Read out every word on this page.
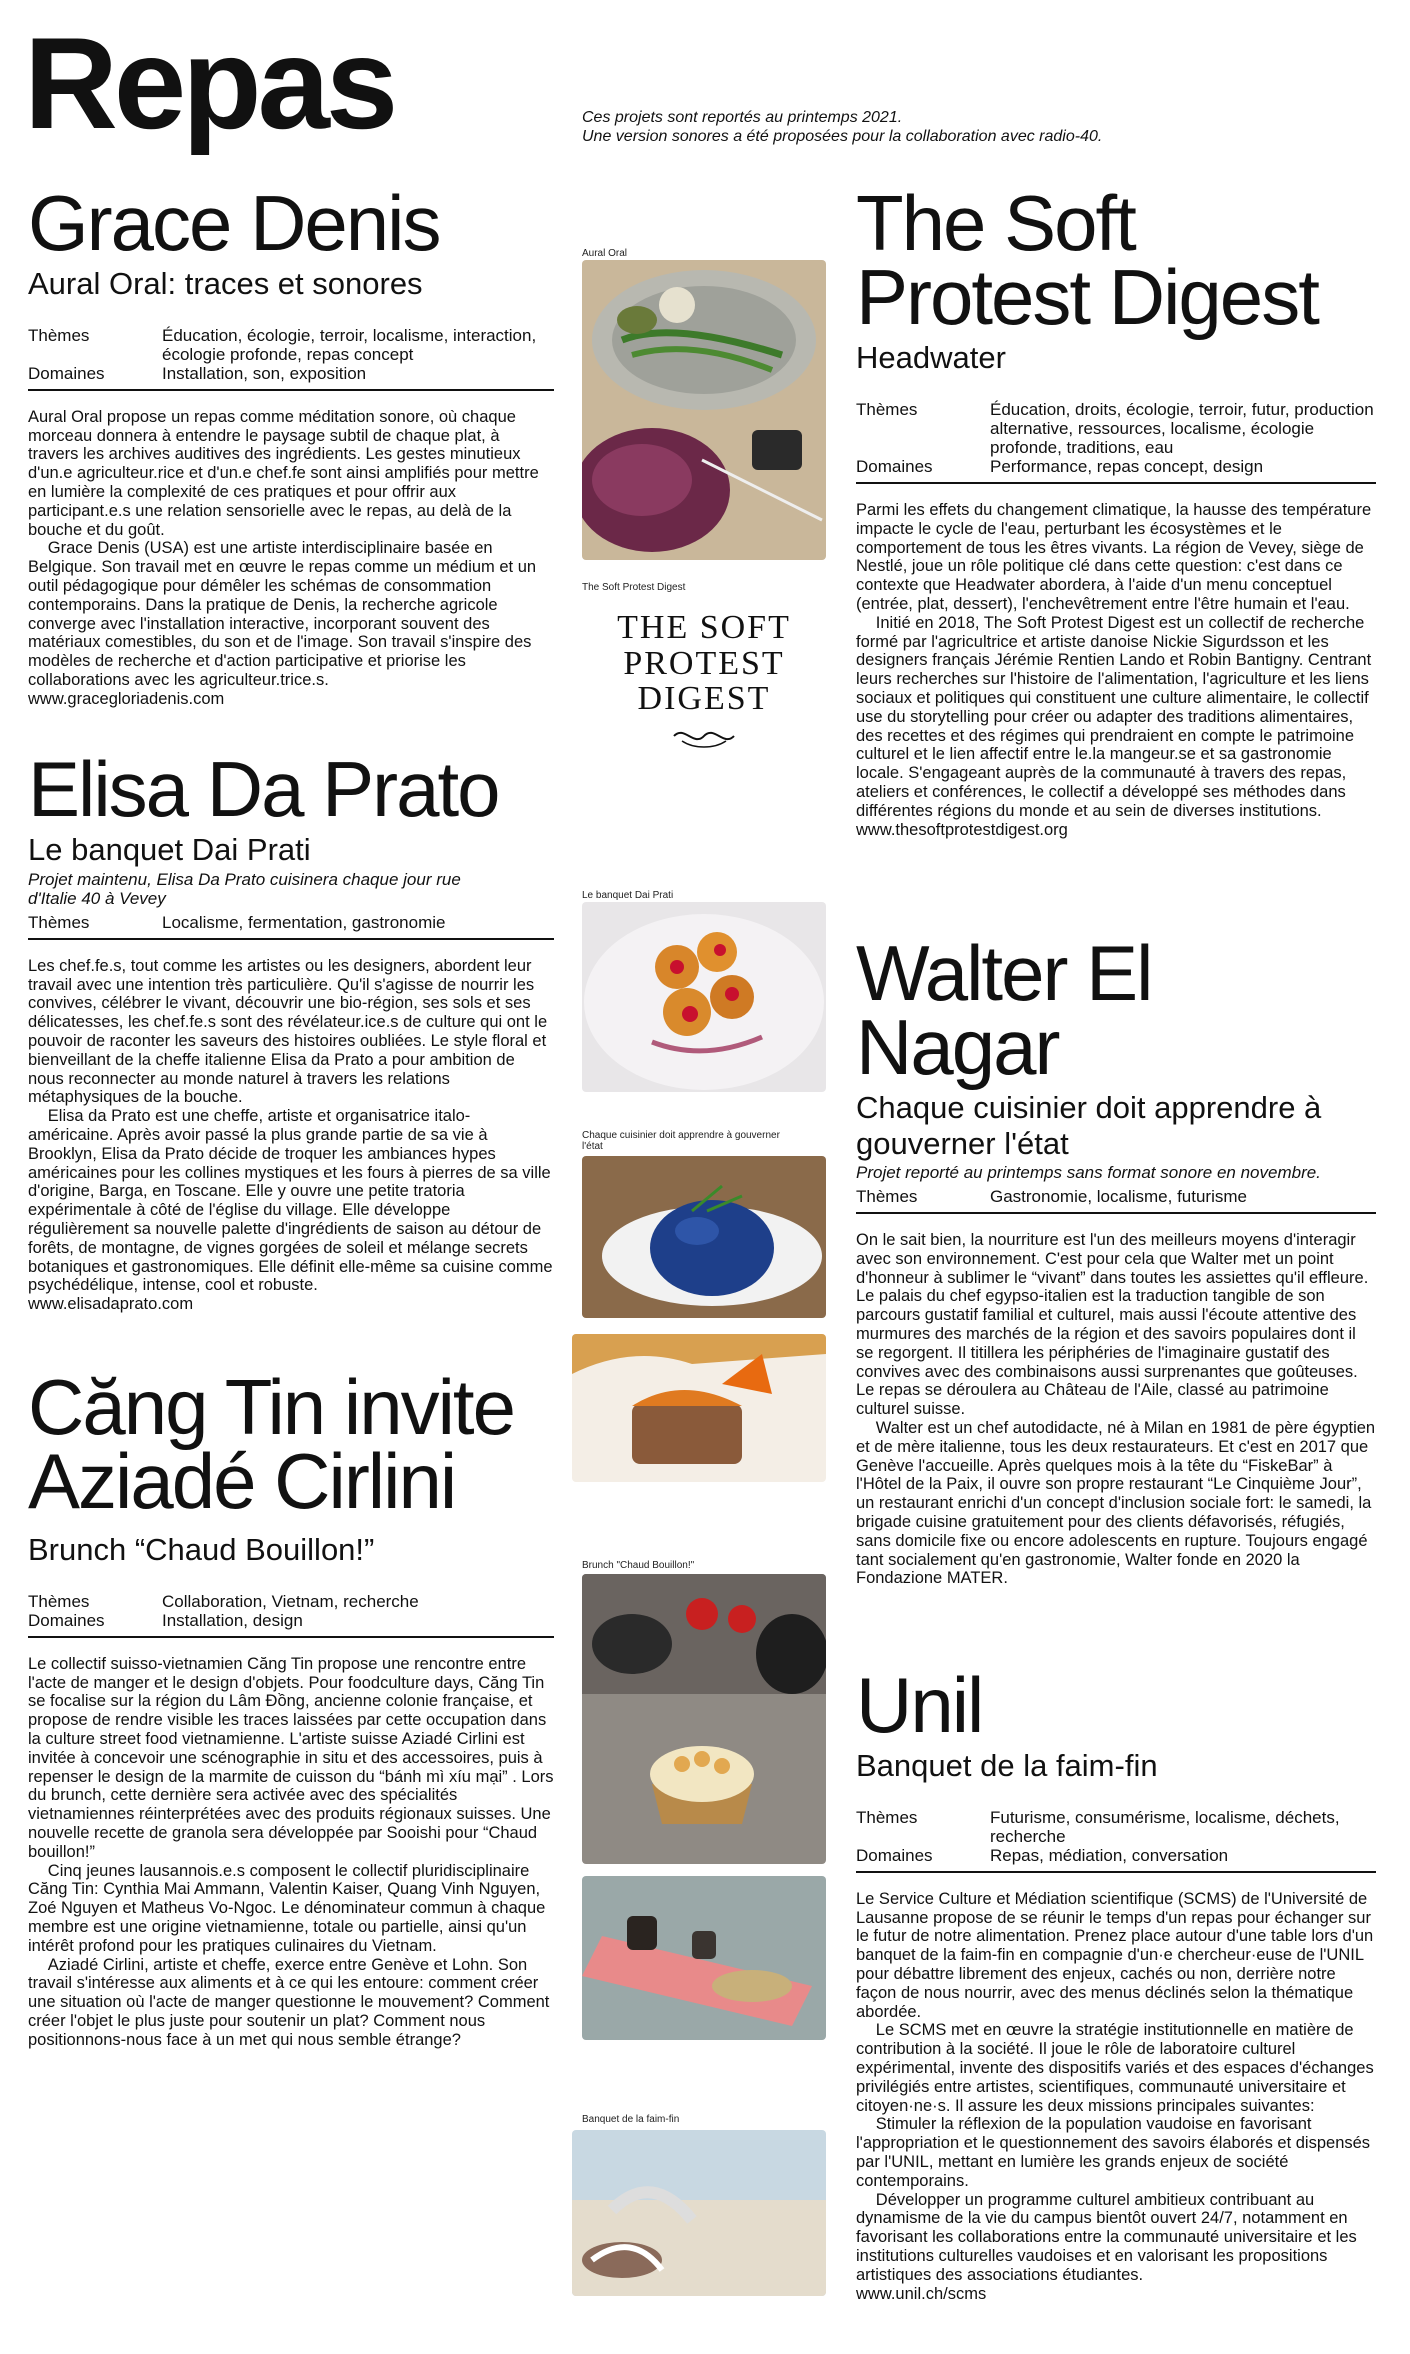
Repas	Ces projets sont reportés au printemps 2021.
Une version sonores a été proposées pour la collaboration avec radio-40.
Grace Denis
Aural Oral: traces et sonores
Thèmes	Éducation, écologie, terroir, localisme, interaction, écologie profonde, repas concept
Domaines	Installation, son, exposition

Aural Oral propose un repas comme méditation sonore, où chaque morceau donnera à entendre le paysage subtil de chaque plat, à travers les archives auditives des ingrédients. Les gestes minutieux d'un.e agriculteur.rice et d'un.e chef.fe sont ainsi amplifiés pour mettre en lumière la complexité de ces pratiques et pour offrir aux participant.e.s une relation sensorielle avec le repas, au delà de la bouche et du goût.

Grace Denis (USA) est une artiste interdisciplinaire basée en Belgique. Son travail met en œuvre le repas comme un médium et un outil pédagogique pour démêler les schémas de consommation contemporains. Dans la pratique de Denis, la recherche agricole converge avec l'installation interactive, incorporant souvent des matériaux comestibles, du son et de l'image. Son travail s'inspire des modèles de recherche et d'action participative et priorise les collaborations avec les agriculteur.trice.s.

www.gracegloriadenis.com
Elisa Da Prato
Le banquet Dai Prati
Projet maintenu, Elisa Da Prato cuisinera chaque jour rue d'Italie 40 à Vevey
Thèmes	Localisme, fermentation, gastronomie

Les chef.fe.s, tout comme les artistes ou les designers, abordent leur travail avec une intention très particulière. Qu'il s'agisse de nourrir les convives, célébrer le vivant, découvrir une bio-région, ses sols et ses délicatesses, les chef.fe.s sont des révélateur.ice.s de culture qui ont le pouvoir de raconter les saveurs des histoires oubliées. Le style floral et bienveillant de la cheffe italienne Elisa da Prato a pour ambition de nous reconnecter au monde naturel à travers les relations métaphysiques de la bouche.

Elisa da Prato est une cheffe, artiste et organisatrice italo-américaine. Après avoir passé la plus grande partie de sa vie à Brooklyn, Elisa da Prato décide de troquer les ambiances hypes américaines pour les collines mystiques et les fours à pierres de sa ville d'origine, Barga, en Toscane. Elle y ouvre une petite tratoria expérimentale à côté de l'église du village. Elle développe régulièrement sa nouvelle palette d'ingrédients de saison au détour de forêts, de montagne, de vignes gorgées de soleil et mélange secrets botaniques et gastronomiques. Elle définit elle-même sa cuisine comme psychédélique, intense, cool et robuste.

www.elisadaprato.com
Căng Tin invite Aziadé Cirlini
Brunch “Chaud Bouillon!”
Thèmes	Collaboration, Vietnam, recherche
Domaines	Installation, design

Le collectif suisso-vietnamien Căng Tin propose une rencontre entre l'acte de manger et le design d'objets. Pour foodculture days, Căng Tin se focalise sur la région du Lâm Đồng, ancienne colonie française, et propose de rendre visible les traces laissées par cette occupation dans la culture street food vietnamienne. L'artiste suisse Aziadé Cirlini est invitée à concevoir une scénographie in situ et des accessoires, puis à repenser le design de la marmite de cuisson du “bánh mì xíu mại” . Lors du brunch, cette dernière sera activée avec des spécialités vietnamiennes réinterprétées avec des produits régionaux suisses. Une nouvelle recette de granola sera développée par Sooishi pour “Chaud bouillon!”

Cinq jeunes lausannois.e.s composent le collectif pluridisciplinaire Căng Tin: Cynthia Mai Ammann, Valentin Kaiser, Quang Vinh Nguyen, Zoé Nguyen et Matheus Vo-Ngoc. Le dénominateur commun à chaque membre est une origine vietnamienne, totale ou partielle, ainsi qu'un intérêt profond pour les pratiques culinaires du Vietnam.

Aziadé Cirlini, artiste et cheffe, exerce entre Genève et Lohn. Son travail s'intéresse aux aliments et à ce qui les entoure: comment créer une situation où l'acte de manger questionne le mouvement? Comment créer l'objet le plus juste pour soutenir un plat? Comment nous positionnons-nous face à un met qui nous semble étrange?

Aural Oral
The Soft Protest Digest
THE SOFT
PROTEST
DIGEST
Le banquet Dai Prati
Chaque cuisinier doit apprendre à gouverner l'état
Brunch "Chaud Bouillon!"
Banquet de la faim-fin
The Soft Protest Digest
Headwater
Thèmes	Éducation, droits, écologie, terroir, futur, production alternative, ressources, localisme, écologie profonde, traditions, eau
Domaines	Performance, repas concept, design

Parmi les effets du changement climatique, la hausse des température impacte le cycle de l'eau, perturbant les écosystèmes et le comportement de tous les êtres vivants. La région de Vevey, siège de Nestlé, joue un rôle politique clé dans cette question: c'est dans ce contexte que Headwater abordera, à l'aide d'un menu conceptuel (entrée, plat, dessert), l'enchevêtrement entre l'être humain et l'eau.

Initié en 2018, The Soft Protest Digest est un collectif de recherche formé par l'agricultrice et artiste danoise Nickie Sigurdsson et les designers français Jérémie Rentien Lando et Robin Bantigny. Centrant leurs recherches sur l'histoire de l'alimentation, l'agriculture et les liens sociaux et politiques qui constituent une culture alimentaire, le collectif use du storytelling pour créer ou adapter des traditions alimentaires, des recettes et des régimes qui prendraient en compte le patrimoine culturel et le lien affectif entre le.la mangeur.se et sa gastronomie locale. S'engageant auprès de la communauté à travers des repas, ateliers et conférences, le collectif a développé ses méthodes dans différentes régions du monde et au sein de diverses institutions.

www.thesoftprotestdigest.org
Walter El Nagar
Chaque cuisinier doit apprendre à gouverner l'état
Projet reporté au printemps sans format sonore en novembre.
Thèmes	Gastronomie, localisme, futurisme

On le sait bien, la nourriture est l'un des meilleurs moyens d'interagir avec son environnement. C'est pour cela que Walter met un point d'honneur à sublimer le “vivant” dans toutes les assiettes qu'il effleure. Le palais du chef egypso-italien est la traduction tangible de son parcours gustatif familial et culturel, mais aussi l'écoute attentive des murmures des marchés de la région et des savoirs populaires dont il se regorgent. Il titillera les périphéries de l'imaginaire gustatif des convives avec des combinaisons aussi surprenantes que goûteuses. Le repas se déroulera au Château de l'Aile, classé au patrimoine culturel suisse.

Walter est un chef autodidacte, né à Milan en 1981 de père égyptien et de mère italienne, tous les deux restaurateurs. Et c'est en 2017 que Genève l'accueille. Après quelques mois à la tête du “FiskeBar” à l'Hôtel de la Paix, il ouvre son propre restaurant “Le Cinquième Jour”, un restaurant enrichi d'un concept d'inclusion sociale fort: le samedi, la brigade cuisine gratuitement pour des clients défavorisés, réfugiés, sans domicile fixe ou encore adolescents en rupture. Toujours engagé tant socialement qu'en gastronomie, Walter fonde en 2020 la Fondazione MATER.

Unil
Banquet de la faim-fin
Thèmes	Futurisme, consumérisme, localisme, déchets, recherche
Domaines	Repas, médiation, conversation

Le Service Culture et Médiation scientifique (SCMS) de l'Université de Lausanne propose de se réunir le temps d'un repas pour échanger sur le futur de notre alimentation. Prenez place autour d'une table lors d'un banquet de la faim-fin en compagnie d'un·e chercheur·euse de l'UNIL pour débattre librement des enjeux, cachés ou non, derrière notre façon de nous nourrir, avec des menus déclinés selon la thématique abordée.

Le SCMS met en œuvre la stratégie institutionnelle en matière de contribution à la société. Il joue le rôle de laboratoire culturel expérimental, invente des dispositifs variés et des espaces d'échanges privilégiés entre artistes, scientifiques, communauté universitaire et citoyen·ne·s. Il assure les deux missions principales suivantes:

Stimuler la réflexion de la population vaudoise en favorisant l'appropriation et le questionnement des savoirs élaborés et dispensés par l'UNIL, mettant en lumière les grands enjeux de société contemporains.

Développer un programme culturel ambitieux contribuant au dynamisme de la vie du campus bientôt ouvert 24/7, notamment en favorisant les collaborations entre la communauté universitaire et les institutions culturelles vaudoises et en valorisant les propositions artistiques des associations étudiantes.

www.unil.ch/scms
